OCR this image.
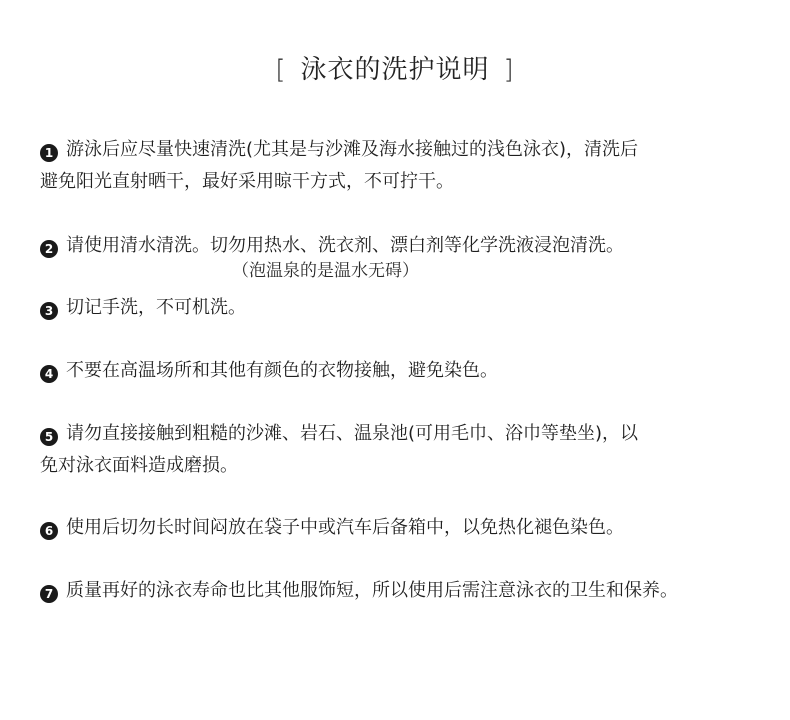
[ 泳衣的洗护说明 ]
1 游泳后应尽量快速清洗(尤其是与沙滩及海水接触过的浅色泳衣)，清洗后
避免阳光直射晒干，最好采用晾干方式，不可拧干。
2 请使用清水清洗。切勿用热水、洗衣剂、漂白剂等化学洗液浸泡清洗。
（泡温泉的是温水无碍）
3 切记手洗，不可机洗。
4 不要在高温场所和其他有颜色的衣物接触，避免染色。
5 请勿直接接触到粗糙的沙滩、岩石、温泉池(可用毛巾、浴巾等垫坐)，以
免对泳衣面料造成磨损。
6 使用后切勿长时间闷放在袋子中或汽车后备箱中，以免热化褪色染色。
7 质量再好的泳衣寿命也比其他服饰短，所以使用后需注意泳衣的卫生和保养。
